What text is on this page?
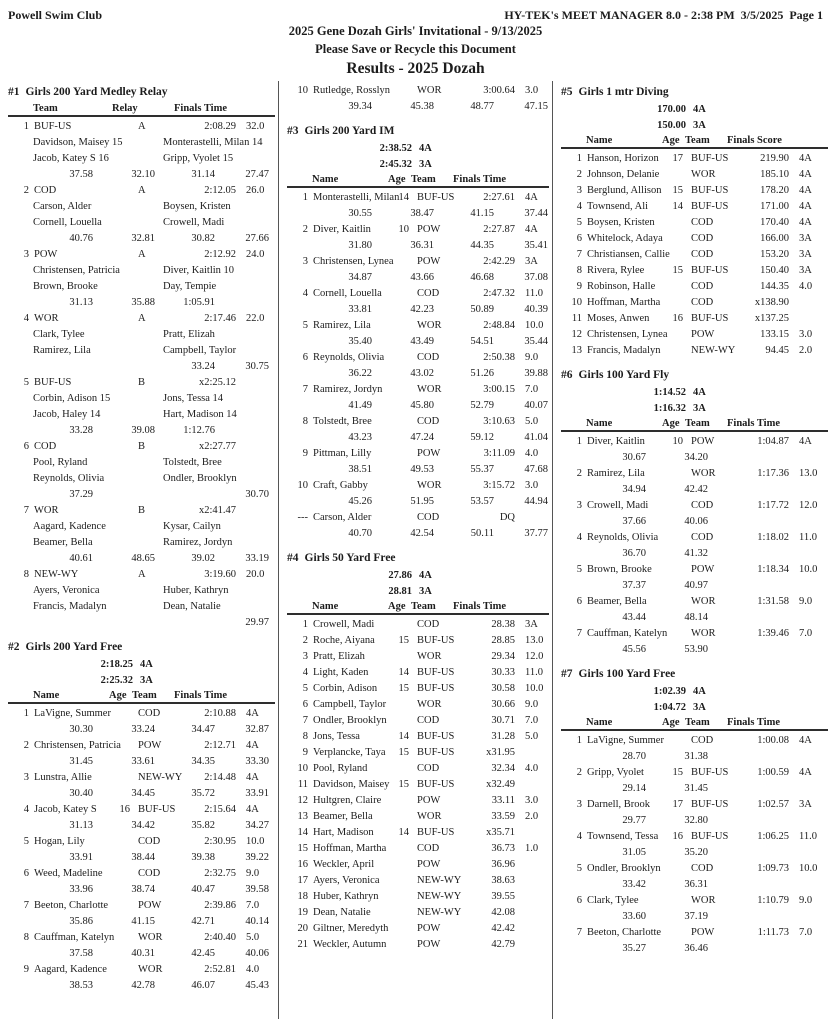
Powell Swim Club	HY-TEK's MEET MANAGER 8.0 - 2:38 PM  3/5/2025  Page 1
2025 Gene Dozah Girls' Invitational - 9/13/2025
Please Save or Recycle this Document
Results - 2025 Dozah
#1 Girls 200 Yard Medley Relay
Team	Relay	Finals Time
1 BUF-US	A	2:08.29 32.0
Davidson, Maisey 15	Monterastelli, Milan 14
Jacob, Katey S 16	Gripp, Vyolet 15
37.58	32.10	31.14	27.47
2 COD	A	2:12.05 26.0
Carson, Alder	Boysen, Kristen
Cornell, Louella	Crowell, Madi
40.76	32.81	30.82	27.66
3 POW	A	2:12.92 24.0
Christensen, Patricia	Diver, Kaitlin 10
Brown, Brooke	Day, Tempie
31.13	35.88	1:05.91
4 WOR	A	2:17.46 22.0
Clark, Tylee	Pratt, Elizah
Ramirez, Lila	Campbell, Taylor
33.24	30.75
5 BUF-US	B	x2:25.12
Corbin, Adison 15	Jons, Tessa 14
Jacob, Haley 14	Hart, Madison 14
33.28	39.08	1:12.76
6 COD	B	x2:27.77
Pool, Ryland	Tolstedt, Bree
Reynolds, Olivia	Ondler, Brooklyn
37.29	30.70
7 WOR	B	x2:41.47
Aagard, Kadence	Kysar, Cailyn
Beamer, Bella	Ramirez, Jordyn
40.61	48.65	39.02	33.19
8 NEW-WY	A	3:19.60 20.0
Ayers, Veronica	Huber, Kathryn
Francis, Madalyn	Dean, Natalie
29.97
#2 Girls 200 Yard Free
2:18.25 4A
2:25.32 3A
Name	Age Team Finals Time
1 LaVigne, Summer	COD	2:10.88 4A
30.30	33.24	34.47	32.87
2 Christensen, Patricia	POW	2:12.71 4A
31.45	33.61	34.35	33.30
3 Lunstra, Allie	NEW-WY	2:14.48 4A
30.40	34.45	35.72	33.91
4 Jacob, Katey S	16 BUF-US	2:15.64 4A
31.13	34.42	35.82	34.27
5 Hogan, Lily	COD	2:30.95 10.0
33.91	38.44	39.38	39.22
6 Weed, Madeline	COD	2:32.75 9.0
33.96	38.74	40.47	39.58
7 Beeton, Charlotte	POW	2:39.86 7.0
35.86	41.15	42.71	40.14
8 Cauffman, Katelyn	WOR	2:40.40 5.0
37.58	40.31	42.45	40.06
9 Aagard, Kadence	WOR	2:52.81 4.0
38.53	42.78	46.07	45.43
10 Rutledge, Rosslyn	WOR	3:00.64 3.0
39.34	45.38	48.77	47.15
#3 Girls 200 Yard IM
2:38.52 4A
2:45.32 3A
Name	Age Team Finals Time
1 Monterastelli, Milan 14 BUF-US	2:27.61 4A
30.55	38.47	41.15	37.44
2 Diver, Kaitlin	10 POW	2:27.87 4A
31.80	36.31	44.35	35.41
3 Christensen, Lynea	POW	2:42.29 3A
34.87	43.66	46.68	37.08
4 Cornell, Louella	COD	2:47.32 11.0
33.81	42.23	50.89	40.39
5 Ramirez, Lila	WOR	2:48.84 10.0
35.40	43.49	54.51	35.44
6 Reynolds, Olivia	COD	2:50.38 9.0
36.22	43.02	51.26	39.88
7 Ramirez, Jordyn	WOR	3:00.15 7.0
41.49	45.80	52.79	40.07
8 Tolstedt, Bree	COD	3:10.63 5.0
43.23	47.24	59.12	41.04
9 Pittman, Lilly	POW	3:11.09 4.0
38.51	49.53	55.37	47.68
10 Craft, Gabby	WOR	3:15.72 3.0
45.26	51.95	53.57	44.94
--- Carson, Alder	COD	DQ
40.70	42.54	50.11	37.77
#4 Girls 50 Yard Free
27.86 4A
28.81 3A
Name	Age Team Finals Time
1 Crowell, Madi	COD	28.38 3A
2 Roche, Aiyana	15 BUF-US	28.85 13.0
3 Pratt, Elizah	WOR	29.34 12.0
4 Light, Kaden	14 BUF-US	30.33 11.0
5 Corbin, Adison	15 BUF-US	30.58 10.0
6 Campbell, Taylor	WOR	30.66 9.0
7 Ondler, Brooklyn	COD	30.71 7.0
8 Jons, Tessa	14 BUF-US	31.28 5.0
9 Verplancke, Taya	15 BUF-US	x31.95
10 Pool, Ryland	COD	32.34 4.0
11 Davidson, Maisey 15 BUF-US	x32.49
12 Hultgren, Claire	POW	33.11 3.0
13 Beamer, Bella	WOR	33.59 2.0
14 Hart, Madison	14 BUF-US	x35.71
15 Hoffman, Martha	COD	36.73 1.0
16 Weckler, April	POW	36.96
17 Ayers, Veronica	NEW-WY	38.63
18 Huber, Kathryn	NEW-WY	39.55
19 Dean, Natalie	NEW-WY	42.08
20 Giltner, Meredyth	POW	42.42
21 Weckler, Autumn	POW	42.79
#5 Girls 1 mtr Diving
170.00 4A
150.00 3A
Name	Age Team Finals Score
1 Hanson, Horizon	17 BUF-US	219.90 4A
2 Johnson, Delanie	WOR	185.10 4A
3 Berglund, Allison	15 BUF-US	178.20 4A
4 Townsend, Ali	14 BUF-US	171.00 4A
5 Boysen, Kristen	COD	170.40 4A
6 Whitelock, Adaya	COD	166.00 3A
7 Christiansen, Callie	COD	153.20 3A
8 Rivera, Rylee	15 BUF-US	150.40 3A
9 Robinson, Halle	COD	144.35 4.0
10 Hoffman, Martha	COD	x138.90
11 Moses, Anwen	16 BUF-US	x137.25
12 Christensen, Lynea	POW	133.15 3.0
13 Francis, Madalyn	NEW-WY	94.45 2.0
#6 Girls 100 Yard Fly
1:14.52 4A
1:16.32 3A
Name	Age Team Finals Time
1 Diver, Kaitlin	10 POW	1:04.87 4A
30.67	34.20
2 Ramirez, Lila	WOR	1:17.36 13.0
34.94	42.42
3 Crowell, Madi	COD	1:17.72 12.0
37.66	40.06
4 Reynolds, Olivia	COD	1:18.02 11.0
36.70	41.32
5 Brown, Brooke	POW	1:18.34 10.0
37.37	40.97
6 Beamer, Bella	WOR	1:31.58 9.0
43.44	48.14
7 Cauffman, Katelyn	WOR	1:39.46 7.0
45.56	53.90
#7 Girls 100 Yard Free
1:02.39 4A
1:04.72 3A
Name	Age Team Finals Time
1 LaVigne, Summer	COD	1:00.08 4A
28.70	31.38
2 Gripp, Vyolet	15 BUF-US	1:00.59 4A
29.14	31.45
3 Darnell, Brook	17 BUF-US	1:02.57 3A
29.77	32.80
4 Townsend, Tessa	16 BUF-US	1:06.25 11.0
31.05	35.20
5 Ondler, Brooklyn	COD	1:09.73 10.0
33.42	36.31
6 Clark, Tylee	WOR	1:10.79 9.0
33.60	37.19
7 Beeton, Charlotte	POW	1:11.73 7.0
35.27	36.46
